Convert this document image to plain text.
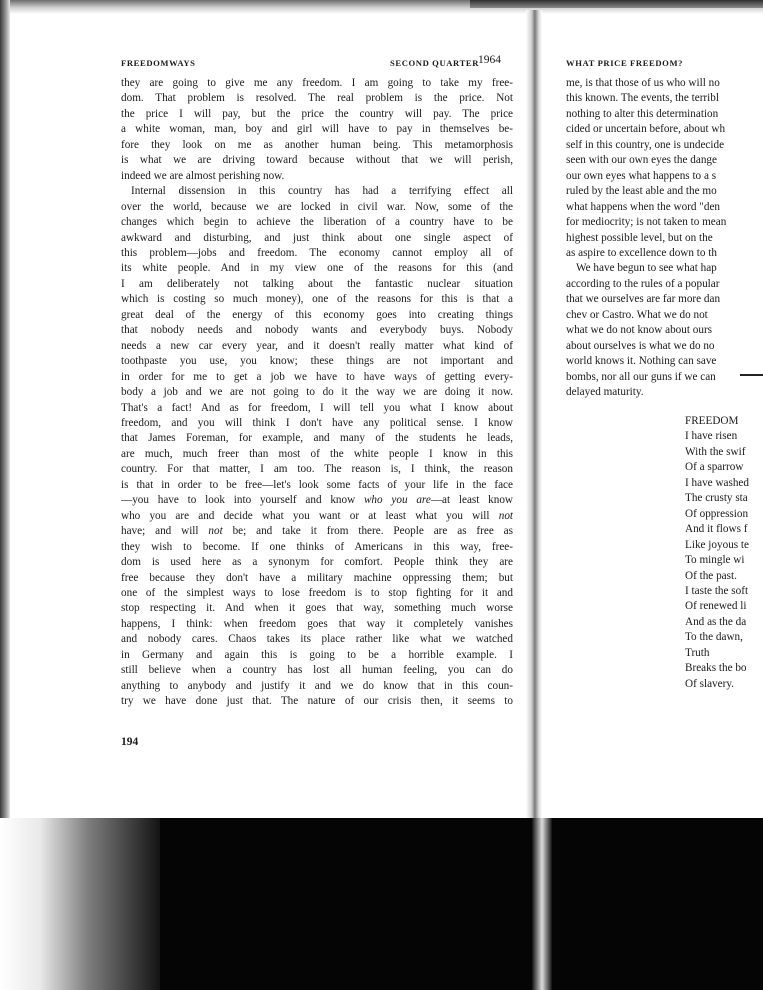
FREEDOMWAYS	SECOND QUARTER
1964	WHAT PRICE FREEDOM?
they are going to give me any freedom. I am going to take my free-
dom. That problem is resolved. The real problem is the price. Not
the price I will pay, but the price the country will pay. The price
a white woman, man, boy and girl will have to pay in themselves be-
fore they look on me as another human being. This metamorphosis
is what we are driving toward because without that we will perish,
indeed we are almost perishing now.
Internal dissension in this country has had a terrifying effect all
over the world, because we are locked in civil war. Now, some of the
changes which begin to achieve the liberation of a country have to be
awkward and disturbing, and just think about one single aspect of
this problem—jobs and freedom. The economy cannot employ all of
its white people. And in my view one of the reasons for this (and
I am deliberately not talking about the fantastic nuclear situation
which is costing so much money), one of the reasons for this is that a
great deal of the energy of this economy goes into creating things
that nobody needs and nobody wants and everybody buys. Nobody
needs a new car every year, and it doesn't really matter what kind of
toothpaste you use, you know; these things are not important and
in order for me to get a job we have to have ways of getting every-
body a job and we are not going to do it the way we are doing it now.
That's a fact! And as for freedom, I will tell you what I know about
freedom, and you will think I don't have any political sense. I know
that James Foreman, for example, and many of the students he leads,
are much, much freer than most of the white people I know in this
country. For that matter, I am too. The reason is, I think, the reason
is that in order to be free—let's look some facts of your life in the face
—you have to look into yourself and know who you are—at least know
who you are and decide what you want or at least what you will not
have; and will not be; and take it from there. People are as free as
they wish to become. If one thinks of Americans in this way, free-
dom is used here as a synonym for comfort. People think they are
free because they don't have a military machine oppressing them; but
one of the simplest ways to lose freedom is to stop fighting for it and
stop respecting it. And when it goes that way, something much worse
happens, I think: when freedom goes that way it completely vanishes
and nobody cares. Chaos takes its place rather like what we watched
in Germany and again this is going to be a horrible example. I
still believe when a country has lost all human feeling, you can do
anything to anybody and justify it and we do know that in this coun-
try we have done just that. The nature of our crisis then, it seems to
194
me, is that those of us who will no
this known. The events, the terribl
nothing to alter this determination
cided or uncertain before, about wh
self in this country, one is undecide
seen with our own eyes the dange
our own eyes what happens to a s
ruled by the least able and the mo
what happens when the word "den
for mediocrity; is not taken to mean
highest possible level, but on the
as aspire to excellence down to th
We have begun to see what hap
according to the rules of a popular
that we ourselves are far more dan
chev or Castro. What we do not
what we do not know about ours
about ourselves is what we do no
world knows it. Nothing can save
bombs, nor all our guns if we can
delayed maturity.
FREEDOM
I have risen
With the swif
Of a sparrow
I have washed
The crusty sta
Of oppression
And it flows f
Like joyous te
To mingle wi
Of the past.
I taste the soft
Of renewed li
And as the da
To the dawn,
Truth
Breaks the bo
Of slavery.
